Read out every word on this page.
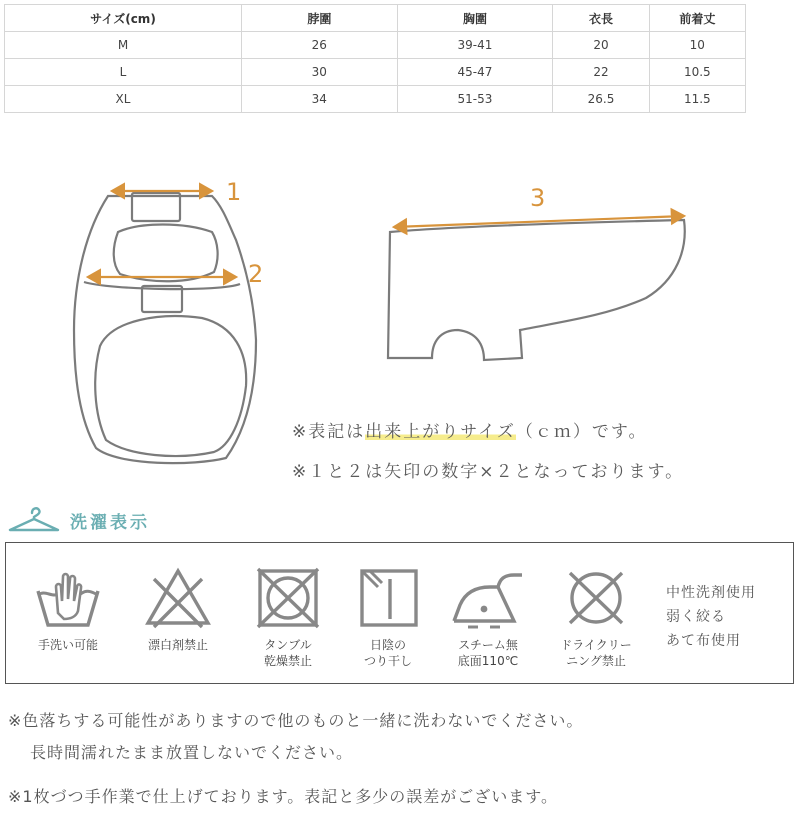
サイズ(cm)	脖圍	胸圍	衣長	前着丈
M	26	39-41	20	10
L	30	45-47	22	10.5
XL	34	51-53	26.5	11.5
1
2
3
※表記は出来上がりサイズ（ｃｍ）です。
※１と２は矢印の数字×２となっております。
洗濯表示
手洗い可能	漂白剤禁止	タンブル
乾燥禁止
日陰の
つり干し
スチーム無
底面110℃
ドライクリー
ニング禁止
中性洗剤使用
弱く絞る
あて布使用
※色落ちする可能性がありますので他のものと一緒に洗わないでください。
長時間濡れたまま放置しないでください。
※1枚づつ手作業で仕上げております。表記と多少の誤差がございます。
